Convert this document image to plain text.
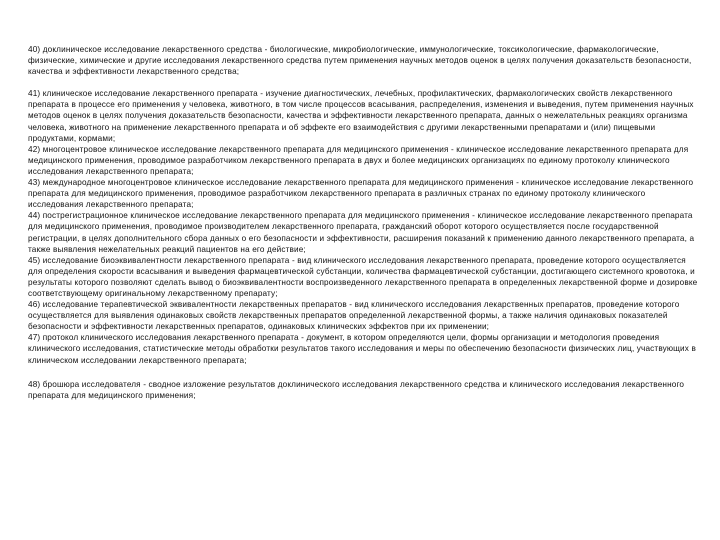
40) доклиническое исследование лекарственного средства - биологические, микробиологические, иммунологические, токсикологические, фармакологические, физические, химические и другие исследования лекарственного средства путем применения научных методов оценок в целях получения доказательств безопасности, качества и эффективности лекарственного средства;

41) клиническое исследование лекарственного препарата - изучение диагностических, лечебных, профилактических, фармакологических свойств лекарственного препарата в процессе его применения у человека, животного, в том числе процессов всасывания, распределения, изменения и выведения, путем применения научных методов оценок в целях получения доказательств безопасности, качества и эффективности лекарственного препарата, данных о нежелательных реакциях организма человека, животного на применение лекарственного препарата и об эффекте его взаимодействия с другими лекарственными препаратами и (или) пищевыми продуктами, кормами;

42) многоцентровое клиническое исследование лекарственного препарата для медицинского применения - клиническое исследование лекарственного препарата для медицинского применения, проводимое разработчиком лекарственного препарата в двух и более медицинских организациях по единому протоколу клинического исследования лекарственного препарата;

43) международное многоцентровое клиническое исследование лекарственного препарата для медицинского применения - клиническое исследование лекарственного препарата для медицинского применения, проводимое разработчиком лекарственного препарата в различных странах по единому протоколу клинического исследования лекарственного препарата;

44) пострегистрационное клиническое исследование лекарственного препарата для медицинского применения - клиническое исследование лекарственного препарата для медицинского применения, проводимое производителем лекарственного препарата, гражданский оборот которого осуществляется после государственной регистрации, в целях дополнительного сбора данных о его безопасности и эффективности, расширения показаний к применению данного лекарственного препарата, а также выявления нежелательных реакций пациентов на его действие;

45) исследование биоэквивалентности лекарственного препарата - вид клинического исследования лекарственного препарата, проведение которого осуществляется для определения скорости всасывания и выведения фармацевтической субстанции, количества фармацевтической субстанции, достигающего системного кровотока, и результаты которого позволяют сделать вывод о биоэквивалентности воспроизведенного лекарственного препарата в определенных лекарственной форме и дозировке соответствующему оригинальному лекарственному препарату;

46) исследование терапевтической эквивалентности лекарственных препаратов - вид клинического исследования лекарственных препаратов, проведение которого осуществляется для выявления одинаковых свойств лекарственных препаратов определенной лекарственной формы, а также наличия одинаковых показателей безопасности и эффективности лекарственных препаратов, одинаковых клинических эффектов при их применении;

47) протокол клинического исследования лекарственного препарата - документ, в котором определяются цели, формы организации и методология проведения клинического исследования, статистические методы обработки результатов такого исследования и меры по обеспечению безопасности физических лиц, участвующих в клиническом исследовании лекарственного препарата;

48) брошюра исследователя - сводное изложение результатов доклинического исследования лекарственного средства и клинического исследования лекарственного препарата для медицинского применения;
